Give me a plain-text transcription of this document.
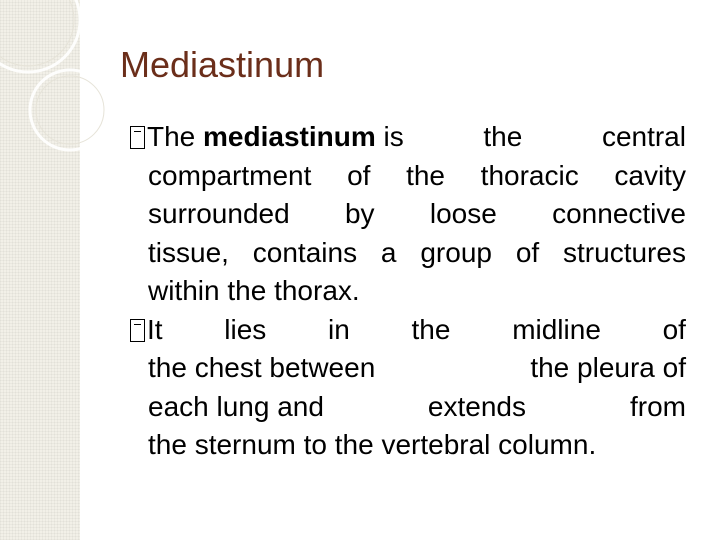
Mediastinum
The mediastinum is	the	central
compartment of the thoracic cavity
surrounded by loose connective
tissue, contains a group of structures
within the thorax.
It lies in the midline of
the chest between	the pleura of
each lung and	extends	from
the sternum to the vertebral column.
